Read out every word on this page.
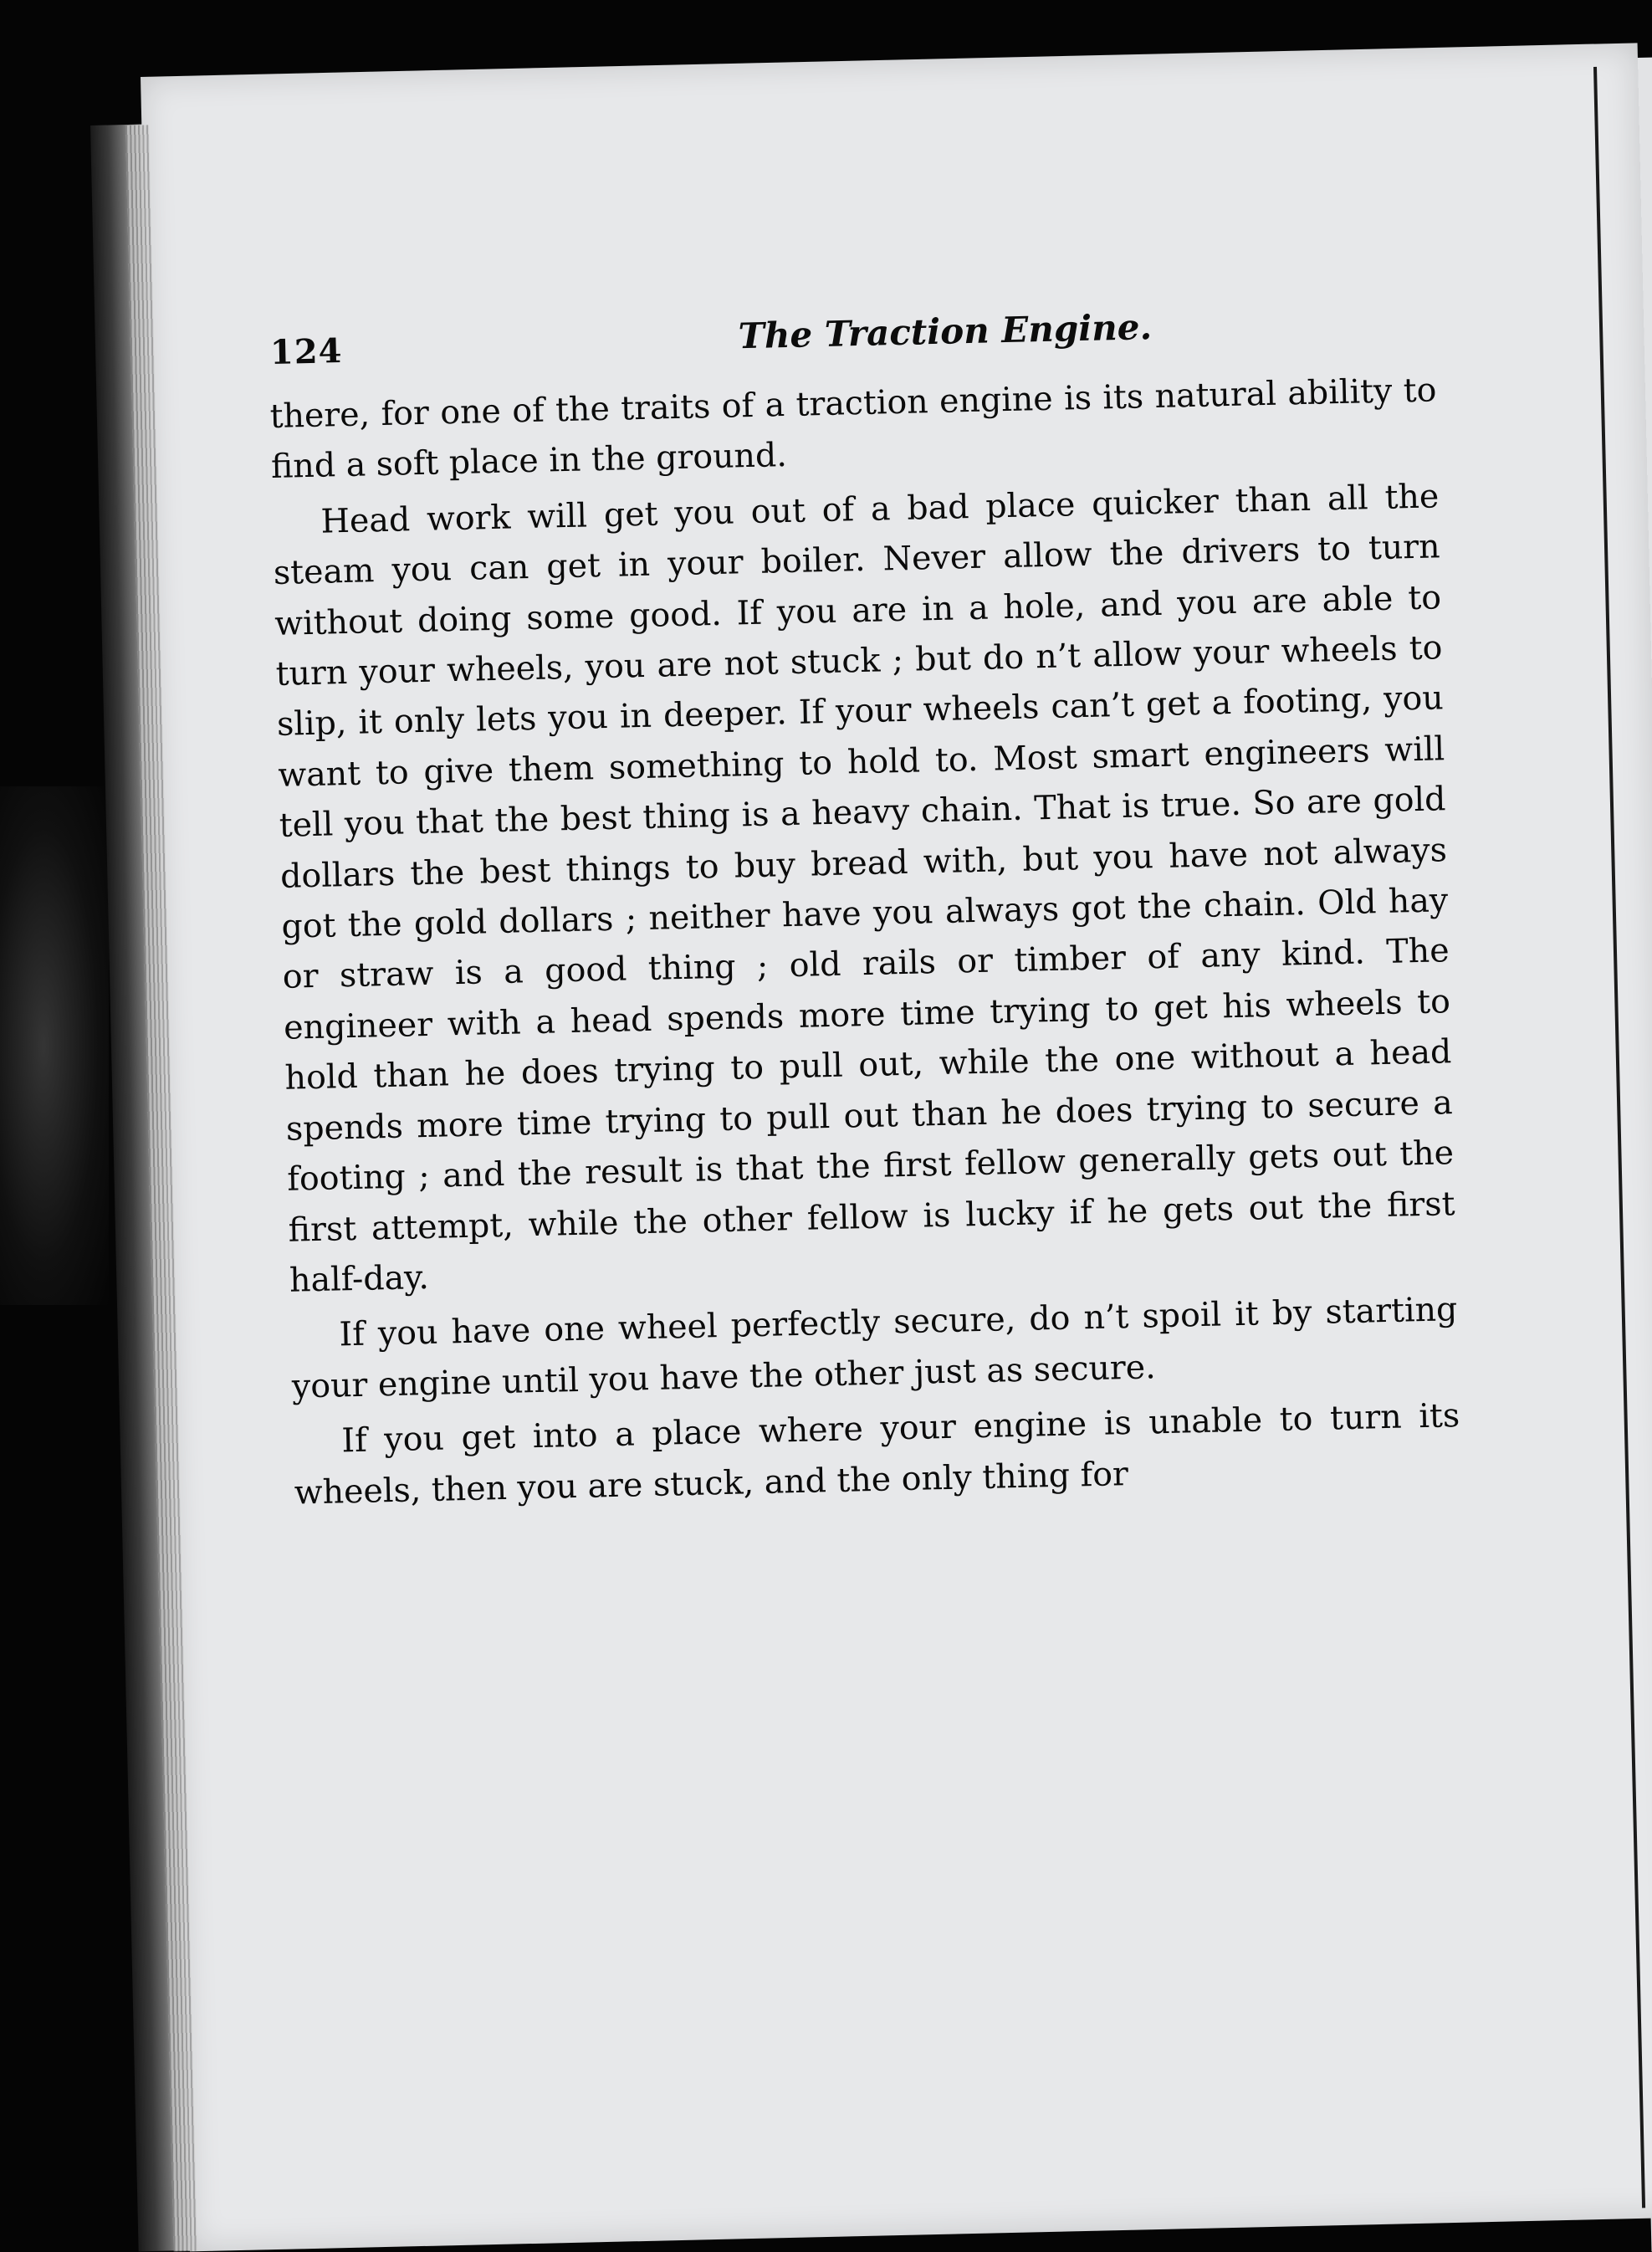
124	The Traction Engine.

there, for one of the traits of a traction engine is its natural ability to find a soft place in the ground.

Head work will get you out of a bad place quicker than all the steam you can get in your boiler. Never allow the drivers to turn without doing some good. If you are in a hole, and you are able to turn your wheels, you are not stuck ; but do n’t allow your wheels to slip, it only lets you in deeper. If your wheels can’t get a footing, you want to give them something to hold to. Most smart engineers will tell you that the best thing is a heavy chain. That is true. So are gold dollars the best things to buy bread with, but you have not always got the gold dollars ; neither have you always got the chain. Old hay or straw is a good thing ; old rails or timber of any kind. The engineer with a head spends more time trying to get his wheels to hold than he does trying to pull out, while the one without a head spends more time trying to pull out than he does trying to secure a footing ; and the result is that the first fellow generally gets out the first attempt, while the other fellow is lucky if he gets out the first half-day.

If you have one wheel perfectly secure, do n’t spoil it by starting your engine until you have the other just as secure.

If you get into a place where your engine is unable to turn its wheels, then you are stuck, and the only thing for
